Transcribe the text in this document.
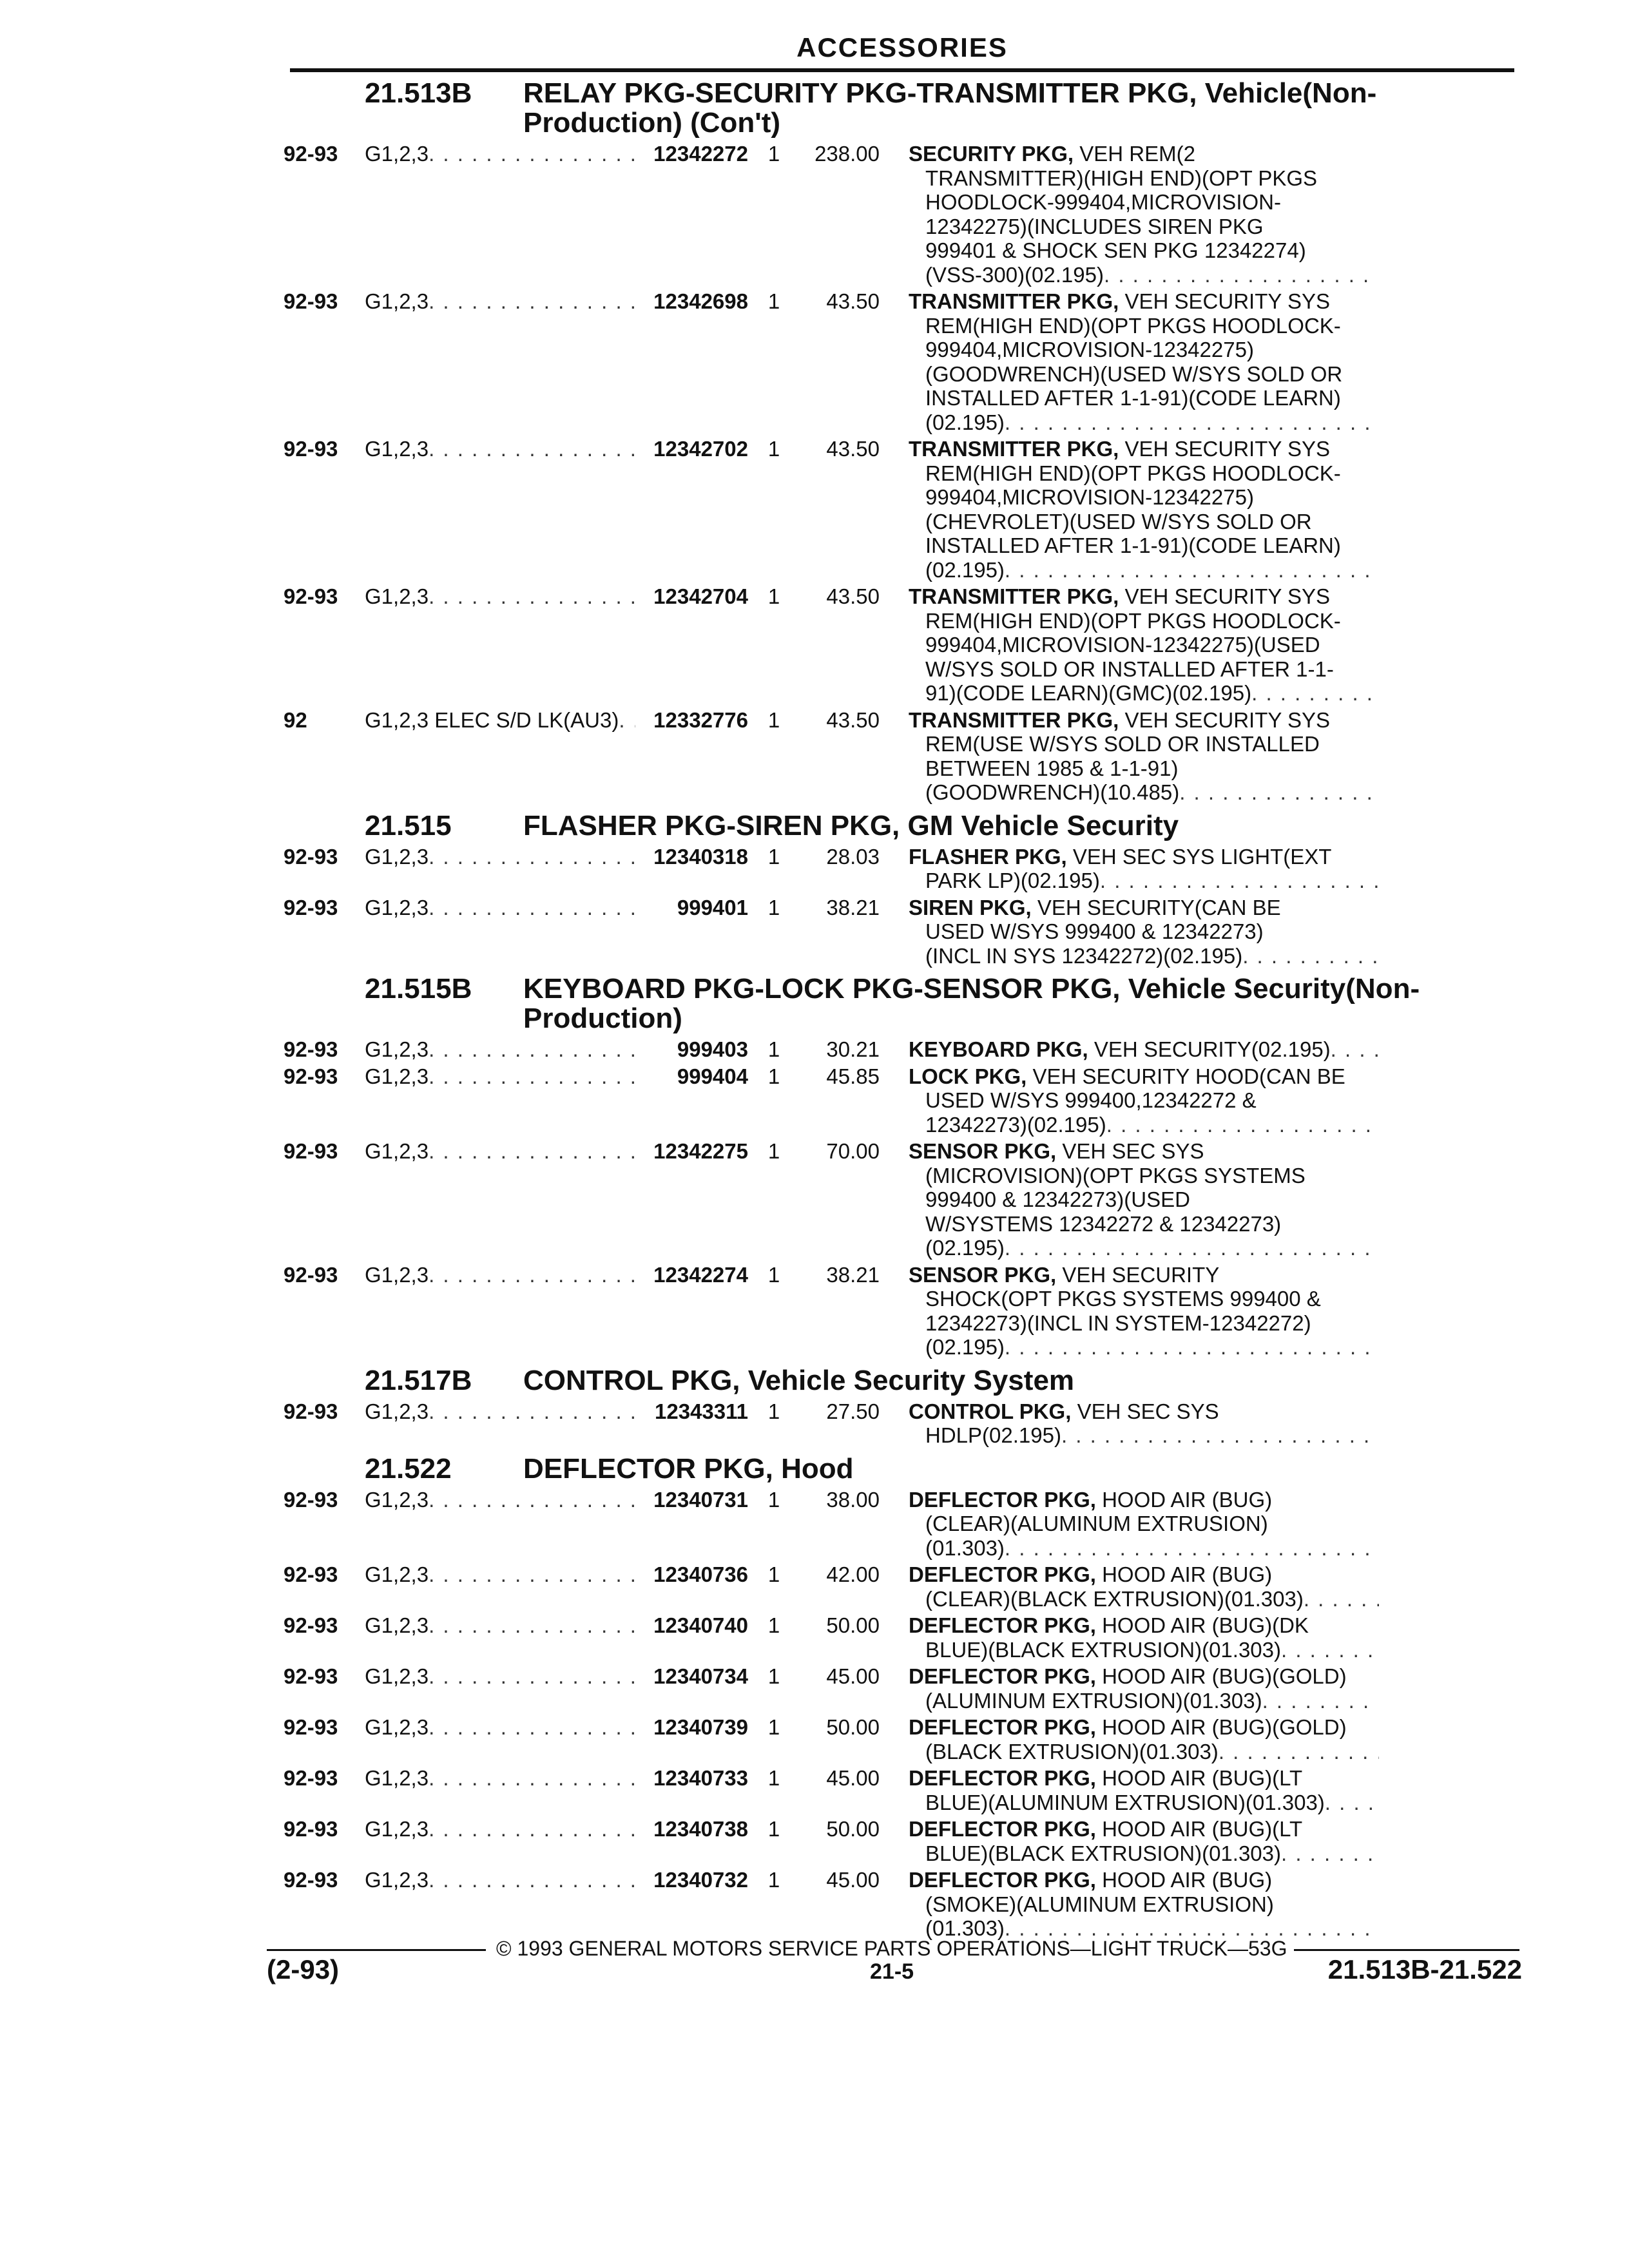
ACCESSORIES
21.513B	RELAY PKG-SECURITY PKG-TRANSMITTER PKG, Vehicle(Non-
Production) (Con't)
92-93	G1,2,3 . . .	12342272 1	238.00 SECURITY PKG,
VEH REM(2
TRANSMITTER)(HIGH END)(OPT PKGS
HOODLOCK-999404,MICROVISION-
12342275)(INCLUDES SIREN PKG
999401 & SHOCK SEN PKG 12342274)
(VSS-300)(02.195)
. . .
92-93	G1,2,3 . . .	12342698 1	43.50 TRANSMITTER PKG,
VEH SECURITY SYS
REM(HIGH END)(OPT PKGS HOODLOCK-
999404,MICROVISION-12342275)
(GOODWRENCH)(USED W/SYS SOLD OR
INSTALLED AFTER 1-1-91)(CODE LEARN)
(02.195)
. . .
92-93	G1,2,3 . . .	12342702 1	43.50 TRANSMITTER PKG,
VEH SECURITY SYS
REM(HIGH END)(OPT PKGS HOODLOCK-
999404,MICROVISION-12342275)
(CHEVROLET)(USED W/SYS SOLD OR
INSTALLED AFTER 1-1-91)(CODE LEARN)
(02.195)
. . .
92-93	G1,2,3 . . .	12342704 1	43.50 TRANSMITTER PKG,
VEH SECURITY SYS
REM(HIGH END)(OPT PKGS HOODLOCK-
999404,MICROVISION-12342275)(USED
W/SYS SOLD OR INSTALLED AFTER 1-1-
91)(CODE LEARN)(GMC)(02.195)
. . .
92	G1,2,3 ELEC S/D LK(AU3) . . .	12332776 1	43.50 TRANSMITTER PKG,
VEH SECURITY SYS
REM(USE W/SYS SOLD OR INSTALLED
BETWEEN 1985 & 1-1-91)
(GOODWRENCH)(10.485)
. . .
21.515	FLASHER PKG-SIREN PKG, GM Vehicle Security
92-93	G1,2,3 . . .	12340318 1	28.03 FLASHER PKG,
VEH SEC SYS LIGHT(EXT
PARK LP)(02.195)
. . .
92-93	G1,2,3 . . .	999401 1	38.21 SIREN PKG,
VEH SECURITY(CAN BE
USED W/SYS 999400 & 12342273)
(INCL IN SYS 12342272)(02.195)
. . .
21.515B	KEYBOARD PKG-LOCK PKG-SENSOR PKG, Vehicle Security(Non-
Production)
92-93	G1,2,3 . . .	999403 1	30.21 KEYBOARD PKG,
VEH SECURITY(02.195)
. . .
92-93	G1,2,3 . . .	999404 1	45.85 LOCK PKG,
VEH SECURITY HOOD(CAN BE
USED W/SYS 999400,12342272 &
12342273)(02.195)
. . .
92-93	G1,2,3 . . .	12342275 1	70.00 SENSOR PKG,
VEH SEC SYS
(MICROVISION)(OPT PKGS SYSTEMS
999400 & 12342273)(USED
W/SYSTEMS 12342272 & 12342273)
(02.195)
. . .
92-93	G1,2,3 . . .	12342274 1	38.21 SENSOR PKG,
VEH SECURITY
SHOCK(OPT PKGS SYSTEMS 999400 &
12342273)(INCL IN SYSTEM-12342272)
(02.195)
. . .
21.517B	CONTROL PKG, Vehicle Security System
92-93	G1,2,3 . . .	12343311 1	27.50 CONTROL PKG,
VEH SEC SYS
HDLP(02.195)
. . .
21.522	DEFLECTOR PKG, Hood
92-93	G1,2,3 . . .	12340731 1	38.00 DEFLECTOR PKG,
HOOD AIR (BUG)
(CLEAR)(ALUMINUM EXTRUSION)
(01.303)
. . .
92-93	G1,2,3 . . .	12340736 1	42.00 DEFLECTOR PKG,
HOOD AIR (BUG)
(CLEAR)(BLACK EXTRUSION)(01.303)
. . .
92-93	G1,2,3 . . .	12340740 1	50.00 DEFLECTOR PKG,
HOOD AIR (BUG)(DK
BLUE)(BLACK EXTRUSION)(01.303)
. . .
92-93	G1,2,3 . . .	12340734 1	45.00 DEFLECTOR PKG,
HOOD AIR (BUG)(GOLD)
(ALUMINUM EXTRUSION)(01.303)
. . .
92-93	G1,2,3 . . .	12340739 1	50.00 DEFLECTOR PKG,
HOOD AIR (BUG)(GOLD)
(BLACK EXTRUSION)(01.303)
. . .
92-93	G1,2,3 . . .	12340733 1	45.00 DEFLECTOR PKG,
HOOD AIR (BUG)(LT
BLUE)(ALUMINUM EXTRUSION)(01.303)
. . .
92-93	G1,2,3 . . .	12340738 1	50.00 DEFLECTOR PKG,
HOOD AIR (BUG)(LT
BLUE)(BLACK EXTRUSION)(01.303)
. . .
92-93	G1,2,3 . . .	12340732 1	45.00 DEFLECTOR PKG,
HOOD AIR (BUG)
(SMOKE)(ALUMINUM EXTRUSION)
(01.303)
. . .
© 1993 GENERAL MOTORS SERVICE PARTS OPERATIONS—LIGHT TRUCK—53G
(2-93)	21-5	21.513B-21.522
